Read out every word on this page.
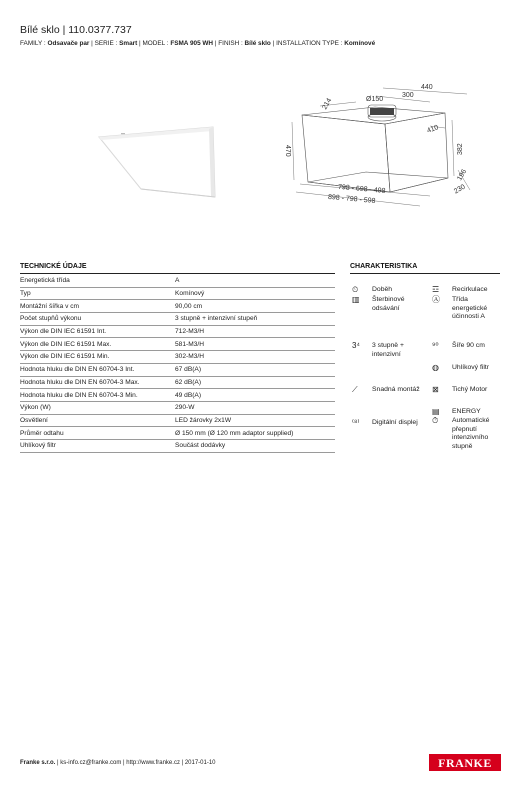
Bílé sklo | 110.0377.737
FAMILY : Odsavače par | SERIE : Smart | MODEL : FSMA 905 WH | FINISH : Bílé sklo | INSTALLATION TYPE : Komínové
440
300
214	Ø150
410
470	382
196
230
798 - 698 - 498
898 - 798 - 598
TECHNICKÉ ÚDAJE
Energetická třída	A
Typ	Komínový
Montážní šířka v cm	90,00 cm
Počet stupňů výkonu	3 stupně + intenzivní stupeň
Výkon dle DIN IEC 61591 Int.	712-M3/H
Výkon dle DIN IEC 61591 Max.	581-M3/H
Výkon dle DIN IEC 61591 Min.	302-M3/H
Hodnota hluku dle DIN EN 60704-3 Int.	67 dB(A)
Hodnota hluku dle DIN EN 60704-3 Max.	62 dB(A)
Hodnota hluku dle DIN EN 60704-3 Min.	49 dB(A)
Výkon (W)	290-W
Osvětlení	LED žárovky 2x1W
Průměr odtahu	Ø 150 mm (Ø 120 mm adaptor supplied)
Uhlíkový filtr	Součást dodávky
CHARAKTERISTIKA
⏲	Doběh
▥	Šterbinové odsávání
3⁴	3 stupně + intenzivní
⟋	Snadná montáž
⁽⁸⁾	Digitální displej
☲	Recirkulace
Ⓐ	Třída energetické účinnosti A
⁹⁰	Šíře 90 cm
◍	Uhlíkový filtr
⊠	Tichý Motor
▤	ENERGY
⏱	Automatické přepnutí intenzivního stupně
Franke s.r.o. | ks-info.cz@franke.com | http://www.franke.cz | 2017-01-10	FRANKE
